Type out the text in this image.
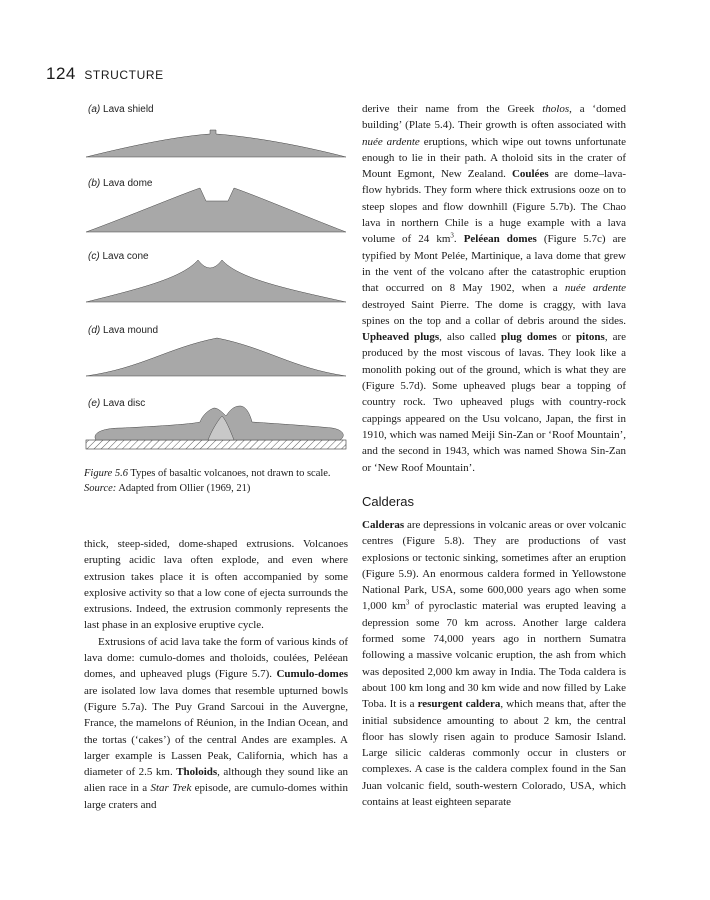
124 STRUCTURE
(a) Lava shield
(b) Lava dome
(c) Lava cone
(d) Lava mound
(e) Lava disc
Figure 5.6 Types of basaltic volcanoes, not drawn to scale.
Source: Adapted from Ollier (1969, 21)

thick, steep-sided, dome-shaped extrusions. Volcanoes erupting acidic lava often explode, and even where extrusion takes place it is often accompanied by some explosive activity so that a low cone of ejecta surrounds the extrusions. Indeed, the extrusion commonly represents the last phase in an explosive eruptive cycle.

Extrusions of acid lava take the form of various kinds of lava dome: cumulo-domes and tholoids, coulées, Peléean domes, and upheaved plugs (Figure 5.7). Cumulo-domes are isolated low lava domes that resemble upturned bowls (Figure 5.7a). The Puy Grand Sarcoui in the Auvergne, France, the mamelons of Réunion, in the Indian Ocean, and the tortas (‘cakes’) of the central Andes are examples. A larger example is Lassen Peak, California, which has a diameter of 2.5 km. Tholoids, although they sound like an alien race in a Star Trek episode, are cumulo-domes within large craters and

derive their name from the Greek tholos, a ‘domed building’ (Plate 5.4). Their growth is often associated with nuée ardente eruptions, which wipe out towns unfortunate enough to lie in their path. A tholoid sits in the crater of Mount Egmont, New Zealand. Coulées are dome–lava-flow hybrids. They form where thick extrusions ooze on to steep slopes and flow downhill (Figure 5.7b). The Chao lava in northern Chile is a huge example with a lava volume of 24 $km^3$. Peléean domes (Figure 5.7c) are typified by Mont Pelée, Martinique, a lava dome that grew in the vent of the volcano after the catastrophic eruption that occurred on 8 May 1902, when a nuée ardente destroyed Saint Pierre. The dome is craggy, with lava spines on the top and a collar of debris around the sides. Upheaved plugs, also called plug domes or pitons, are produced by the most viscous of lavas. They look like a monolith poking out of the ground, which is what they are (Figure 5.7d). Some upheaved plugs bear a topping of country rock. Two upheaved plugs with country-rock cappings appeared on the Usu volcano, Japan, the first in 1910, which was named Meiji Sin-Zan or ‘Roof Mountain’, and the second in 1943, which was named Showa Sin-Zan or ‘New Roof Mountain’.

Calderas

Calderas are depressions in volcanic areas or over volcanic centres (Figure 5.8). They are productions of vast explosions or tectonic sinking, sometimes after an eruption (Figure 5.9). An enormous caldera formed in Yellowstone National Park, USA, some 600,000 years ago when some 1,000 $km^3$ of pyroclastic material was erupted leaving a depression some 70 km across. Another large caldera formed some 74,000 years ago in northern Sumatra following a massive volcanic eruption, the ash from which was deposited 2,000 km away in India. The Toda caldera is about 100 km long and 30 km wide and now filled by Lake Toba. It is a resurgent caldera, which means that, after the initial subsidence amounting to about 2 km, the central floor has slowly risen again to produce Samosir Island. Large silicic calderas commonly occur in clusters or complexes. A case is the caldera complex found in the San Juan volcanic field, south-western Colorado, USA, which contains at least eighteen separate
